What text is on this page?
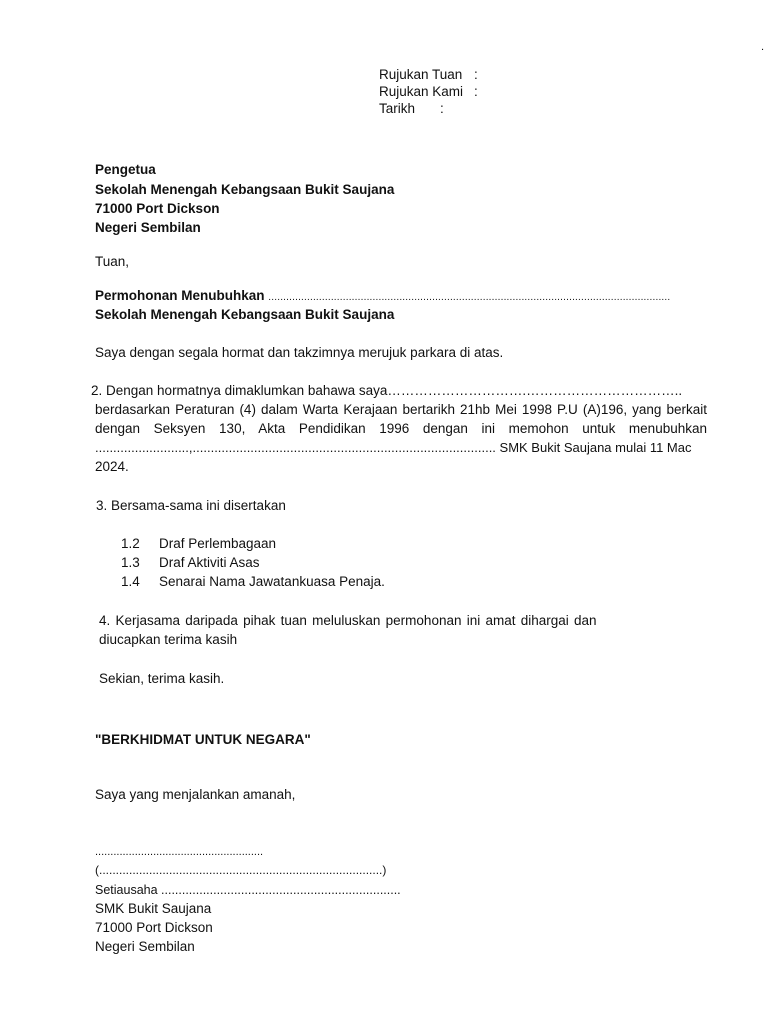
.
Rujukan Tuan :
Rujukan Kami :
Tarikh :
Pengetua
Sekolah Menengah Kebangsaan Bukit Saujana
71000 Port Dickson
Negeri Sembilan
Tuan,
Permohonan Menubuhkan .......................................................................................................................................
Sekolah Menengah Kebangsaan Bukit Saujana
Saya dengan segala hormat dan takzimnya merujuk parkara di atas.
2. Dengan hormatnya dimaklumkan bahawa saya………………………….……………………………..
berdasarkan Peraturan (4) dalam Warta Kerajaan bertarikh 21hb Mei 1998 P.U (A)196, yang berkait
dengan Seksyen 130, Akta Pendidikan 1996 dengan ini memohon untuk menubuhkan
..........................,.................................................................................... SMK Bukit Saujana mulai 11 Mac
2024.
3. Bersama-sama ini disertakan
1.2 Draf Perlembagaan
1.3 Draf Aktiviti Asas
1.4 Senarai Nama Jawatankuasa Penaja.
4. Kerjasama daripada pihak tuan meluluskan permohonan ini amat dihargai dan
diucapkan terima kasih
Sekian, terima kasih.
"BERKHIDMAT UNTUK NEGARA"
Saya yang menjalankan amanah,
.......................................................
(.....................................................................................)
Setiausaha .....................................................................
SMK Bukit Saujana
71000 Port Dickson
Negeri Sembilan
